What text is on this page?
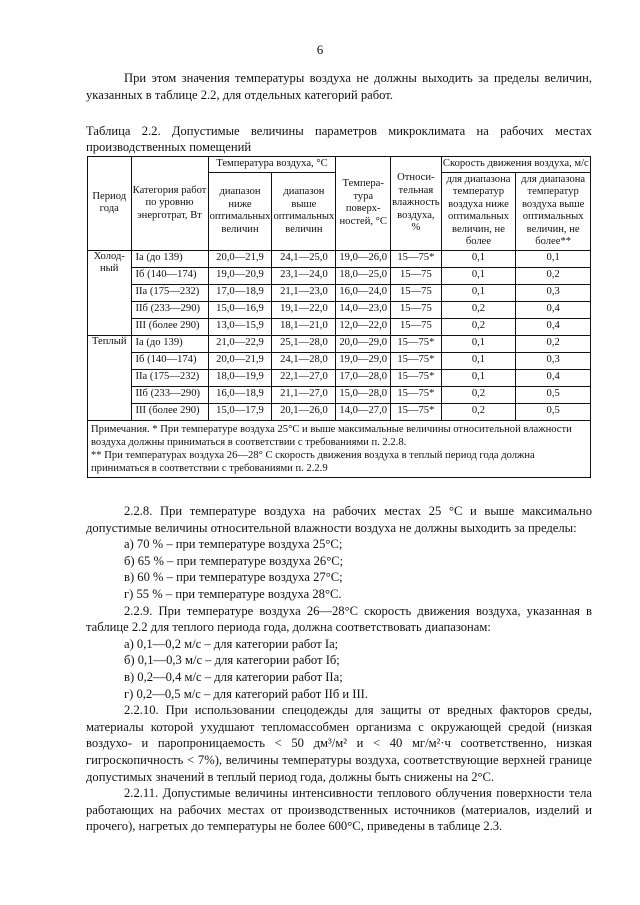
6

При этом значения температуры воздуха не должны выходить за пределы величин, указанных в таблице 2.2, для отдельных категорий работ.

Таблица 2.2. Допустимые величины параметров микроклимата на рабочих местах производственных помещений

Период года	Категория работ по уровню энерготрат, Вт	Температура воздуха, °С		Темпера-тура поверх-ностей, °С	Относи-тельная влажность воздуха, %	Скорость движения воздуха, м/с	
		диапазон ниже оптимальных величин	диапазон выше оптимальных величин			для диапазона температур воздуха ниже оптимальных величин, не более	для диапазона температур воздуха выше оптимальных величин, не более**
Холод-ный	Iа (до 139)	20,0—21,9	24,1—25,0	19,0—26,0	15—75*	0,1	0,1
	Iб (140—174)	19,0—20,9	23,1—24,0	18,0—25,0	15—75	0,1	0,2
	IIа (175—232)	17,0—18,9	21,1—23,0	16,0—24,0	15—75	0,1	0,3
	IIб (233—290)	15,0—16,9	19,1—22,0	14,0—23,0	15—75	0,2	0,4
	III (более 290)	13,0—15,9	18,1—21,0	12,0—22,0	15—75	0,2	0,4
Теплый	Iа (до 139)	21,0—22,9	25,1—28,0	20,0—29,0	15—75*	0,1	0,2
	Iб (140—174)	20,0—21,9	24,1—28,0	19,0—29,0	15—75*	0,1	0,3
	IIа (175—232)	18,0—19,9	22,1—27,0	17,0—28,0	15—75*	0,1	0,4
	IIб (233—290)	16,0—18,9	21,1—27,0	15,0—28,0	15—75*	0,2	0,5
	III (более 290)	15,0—17,9	20,1—26,0	14,0—27,0	15—75*	0,2	0,5

Примечания. * При температуре воздуха 25°С и выше максимальные величины относительной влажности воздуха должны приниматься в соответствии с требованиями п. 2.2.8.
** При температурах воздуха 26—28° С скорость движения воздуха в теплый период года должна приниматься в соответствии с требованиями п. 2.2.9							

2.2.8. При температуре воздуха на рабочих местах 25 °С и выше максимально допустимые величины относительной влажности воздуха не должны выходить за пределы:

а) 70 % – при температуре воздуха 25°С;

б) 65 % – при температуре воздуха 26°С;

в) 60 % – при температуре воздуха 27°С;

г) 55 % – при температуре воздуха 28°С.

2.2.9. При температуре воздуха 26—28°С скорость движения воздуха, указанная в таблице 2.2 для теплого периода года, должна соответствовать диапазонам:

а) 0,1—0,2 м/с – для категории работ Iа;

б) 0,1—0,3 м/с – для категории работ Iб;

в) 0,2—0,4 м/с – для категории работ IIа;

г) 0,2—0,5 м/с – для категорий работ IIб и III.

2.2.10. При использовании спецодежды для защиты от вредных факторов среды, материалы которой ухудшают тепломассобмен организма с окружающей средой (низкая воздухо- и паропроницаемость < 50 дм³/м² и < 40 мг/м²·ч соответственно, низкая гигроскопичность < 7%), величины температуры воздуха, соответствующие верхней границе допустимых значений в теплый период года, должны быть снижены на 2°С.

2.2.11. Допустимые величины интенсивности теплового облучения поверхности тела работающих на рабочих местах от производственных источников (материалов, изделий и прочего), нагретых до температуры не более 600°С, приведены в таблице 2.3.
